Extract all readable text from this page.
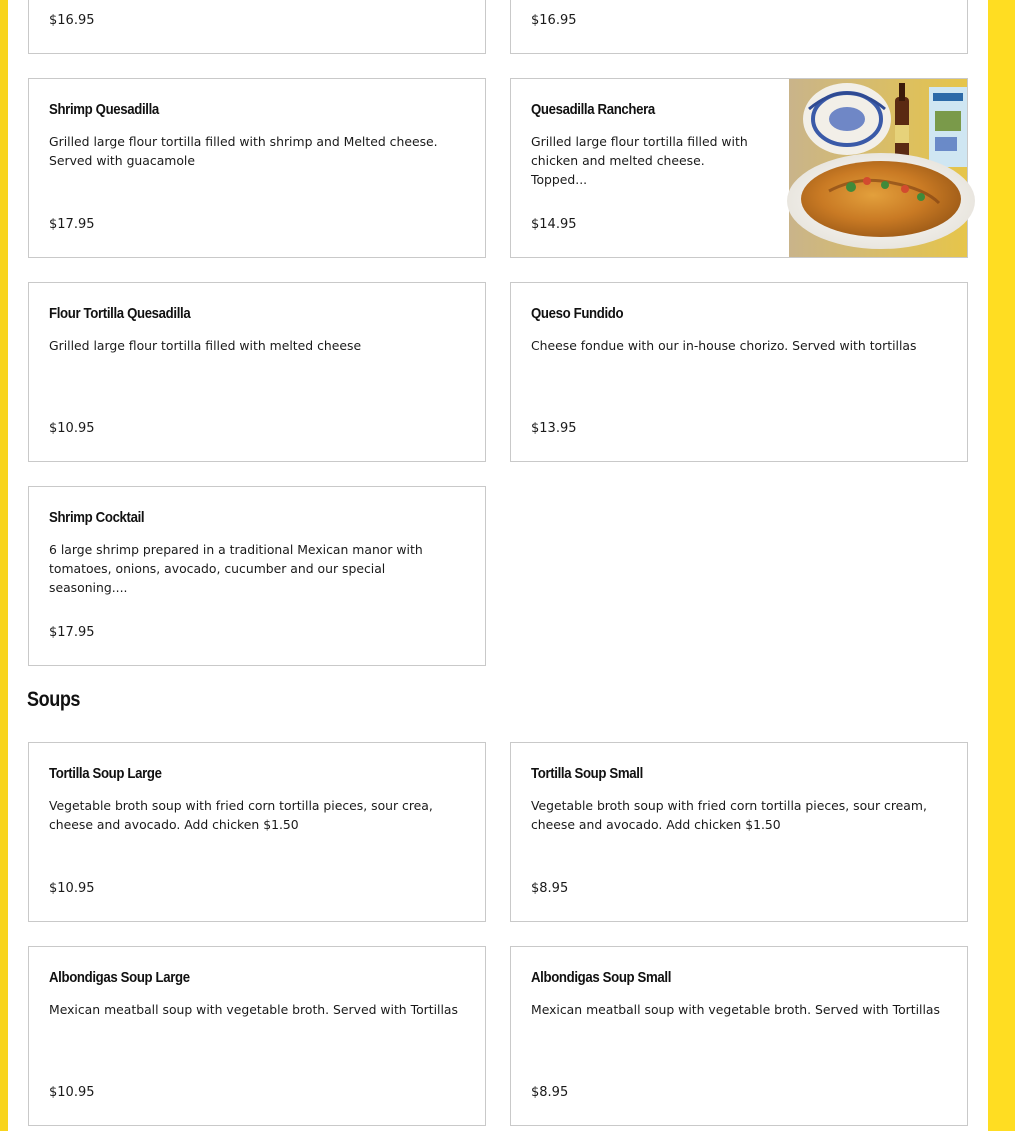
$16.95	$16.95
Shrimp Quesadilla
Grilled large flour tortilla filled with shrimp and Melted cheese. Served with guacamole
$17.95
Quesadilla Ranchera
Grilled large flour tortilla filled with chicken and melted cheese. Topped...
$14.95
Flour Tortilla Quesadilla
Grilled large flour tortilla filled with melted cheese
$10.95
Queso Fundido
Cheese fondue with our in-house chorizo. Served with tortillas
$13.95
Shrimp Cocktail
6 large shrimp prepared in a traditional Mexican manor with tomatoes, onions, avocado, cucumber and our special seasoning....
$17.95
Soups
Tortilla Soup Large
Vegetable broth soup with fried corn tortilla pieces, sour crea, cheese and avocado. Add chicken $1.50
$10.95
Tortilla Soup Small
Vegetable broth soup with fried corn tortilla pieces, sour cream, cheese and avocado. Add chicken $1.50
$8.95
Albondigas Soup Large
Mexican meatball soup with vegetable broth. Served with Tortillas
$10.95
Albondigas Soup Small
Mexican meatball soup with vegetable broth. Served with Tortillas
$8.95
